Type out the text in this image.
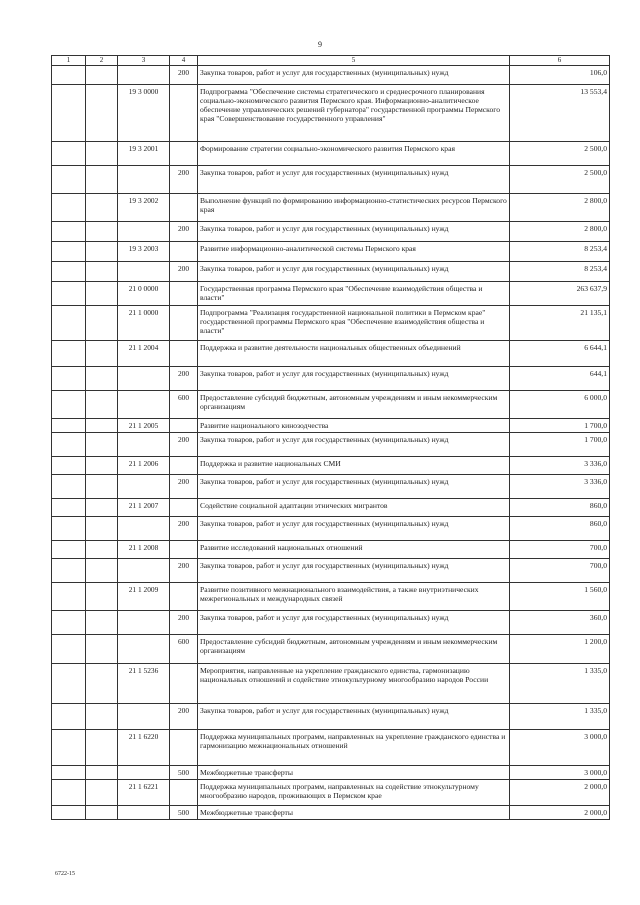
9
1	2	3	4	5	6
			200	Закупка товаров, работ и услуг для государственных (муниципальных) нужд	106,0
		19 3 0000		Подпрограмма "Обеспечение системы стратегического и среднесрочного планирования социально-экономического развития Пермского края. Информационно-аналитическое обеспечение управленческих решений губернатора" государственной программы Пермского края "Совершенствование государственного управления"	13 553,4
		19 3 2001		Формирование стратегии социально-экономического развития Пермского края	2 500,0
			200	Закупка товаров, работ и услуг для государственных (муниципальных) нужд	2 500,0
		19 3 2002		Выполнение функций по формированию информационно-статистических ресурсов Пермского края	2 800,0
			200	Закупка товаров, работ и услуг для государственных (муниципальных) нужд	2 800,0
		19 3 2003		Развитие информационно-аналитической системы Пермского края	8 253,4
			200	Закупка товаров, работ и услуг для государственных (муниципальных) нужд	8 253,4
		21 0 0000		Государственная программа Пермского края "Обеспечение взаимодействия общества и власти"	263 637,9
		21 1 0000		Подпрограмма "Реализация государственной национальной политики в Пермском крае" государственной программы Пермского края "Обеспечение взаимодействия общества и власти"	21 135,1
		21 1 2004		Поддержка и развитие деятельности национальных общественных объединений	6 644,1
			200	Закупка товаров, работ и услуг для государственных (муниципальных) нужд	644,1
			600	Предоставление субсидий бюджетным, автономным учреждениям и иным некоммерческим организациям	6 000,0
		21 1 2005		Развитие национального кинозодчества	1 700,0
			200	Закупка товаров, работ и услуг для государственных (муниципальных) нужд	1 700,0
		21 1 2006		Поддержка и развитие национальных СМИ	3 336,0
			200	Закупка товаров, работ и услуг для государственных (муниципальных) нужд	3 336,0
		21 1 2007		Содействие социальной адаптации этнических мигрантов	860,0
			200	Закупка товаров, работ и услуг для государственных (муниципальных) нужд	860,0
		21 1 2008		Развитие исследований национальных отношений	700,0
			200	Закупка товаров, работ и услуг для государственных (муниципальных) нужд	700,0
		21 1 2009		Развитие позитивного межнационального взаимодействия, а также внутриэтнических межрегиональных и международных связей	1 560,0
			200	Закупка товаров, работ и услуг для государственных (муниципальных) нужд	360,0
			600	Предоставление субсидий бюджетным, автономным учреждениям и иным некоммерческим организациям	1 200,0
		21 1 5236		Мероприятия, направленные на укрепление гражданского единства, гармонизацию национальных отношений и содействие этнокультурному многообразию народов России	1 335,0
			200	Закупка товаров, работ и услуг для государственных (муниципальных) нужд	1 335,0
		21 1 6220		Поддержка муниципальных программ, направленных на укрепление гражданского единства и гармонизацию межнациональных отношений	3 000,0
			500	Межбюджетные трансферты	3 000,0
		21 1 6221		Поддержка муниципальных программ, направленных на содействие этнокультурному многообразию народов, проживающих в Пермском крае	2 000,0
			500	Межбюджетные трансферты	2 000,0
6722-15
